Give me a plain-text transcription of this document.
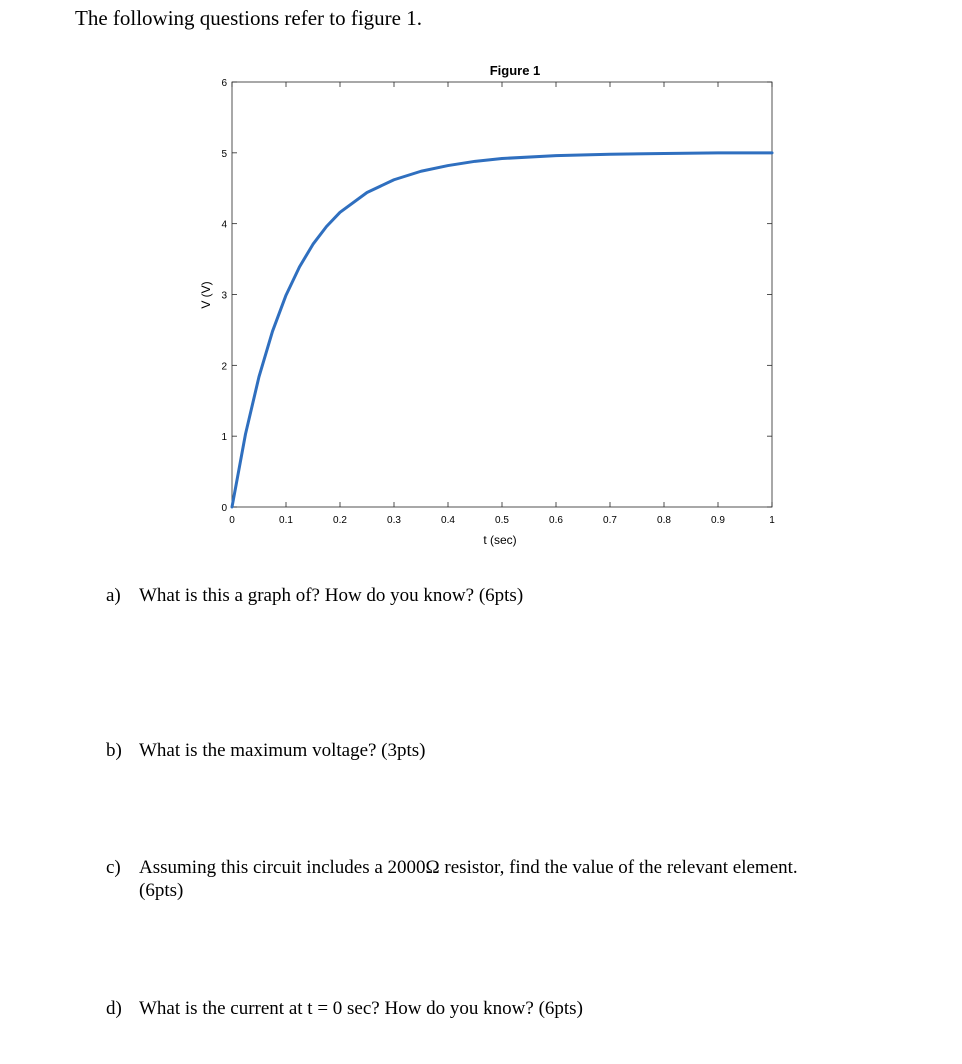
The following questions refer to figure 1.
0	0.1	0.2	0.3	0.4	0.5	0.6	0.7	0.8	0.9	1
0
1
2
3
4
5
6
Figure 1
t (sec)
V (V)
a) What is this a graph of? How do you know? (6pts)
b) What is the maximum voltage? (3pts)
c) Assuming this circuit includes a 2000Ω resistor, find the value of the relevant element.
(6pts)
d) What is the current at t = 0 sec? How do you know? (6pts)
